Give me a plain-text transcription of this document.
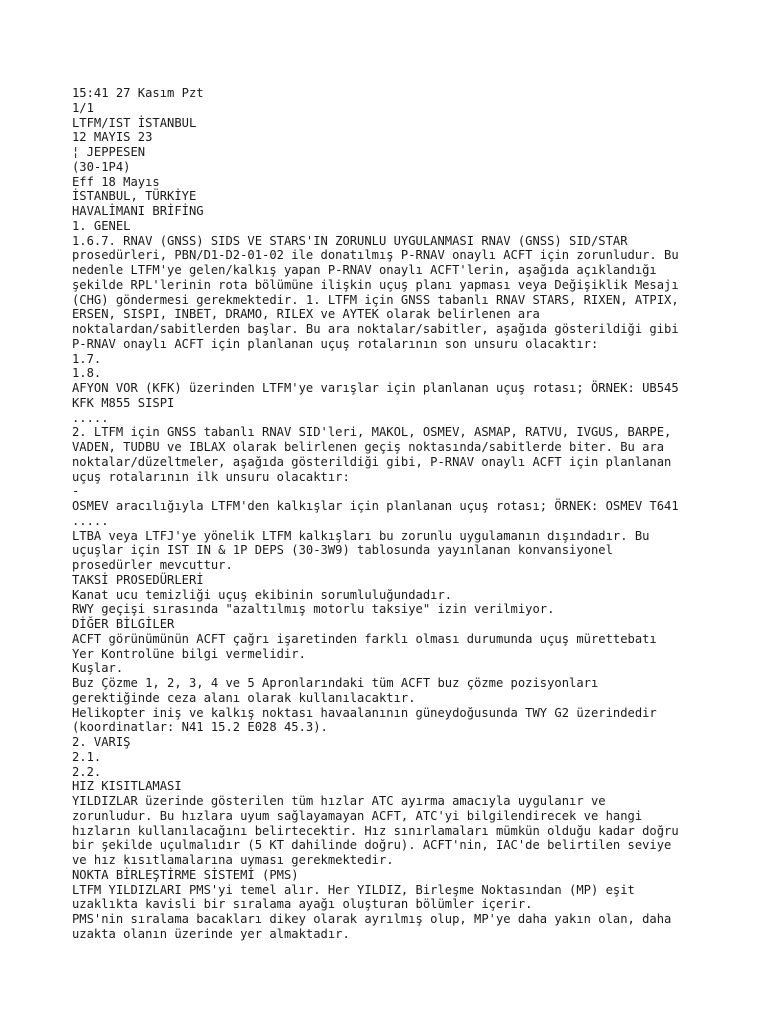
15:41 27 Kasım Pzt
1/1
LTFM/IST İSTANBUL
12 MAYIS 23
¦ JEPPESEN
(30-1P4)
Eff 18 Mayıs
İSTANBUL, TÜRKİYE
HAVALİMANI BRİFİNG
1. GENEL
1.6.7. RNAV (GNSS) SIDS VE STARS'IN ZORUNLU UYGULANMASI RNAV (GNSS) SID/STAR
prosedürleri, PBN/D1-D2-01-02 ile donatılmış P-RNAV onaylı ACFT için zorunludur. Bu
nedenle LTFM'ye gelen/kalkış yapan P-RNAV onaylı ACFT'lerin, aşağıda açıklandığı
şekilde RPL'lerinin rota bölümüne ilişkin uçuş planı yapması veya Değişiklik Mesajı
(CHG) göndermesi gerekmektedir. 1. LTFM için GNSS tabanlı RNAV STARS, RIXEN, ATPIX,
ERSEN, SISPI, INBET, DRAMO, RILEX ve AYTEK olarak belirlenen ara
noktalardan/sabitlerden başlar. Bu ara noktalar/sabitler, aşağıda gösterildiği gibi
P-RNAV onaylı ACFT için planlanan uçuş rotalarının son unsuru olacaktır:
1.7.
1.8.
AFYON VOR (KFK) üzerinden LTFM'ye varışlar için planlanan uçuş rotası; ÖRNEK: UB545
KFK M855 SISPI
.....
2. LTFM için GNSS tabanlı RNAV SID'leri, MAKOL, OSMEV, ASMAP, RATVU, IVGUS, BARPE,
VADEN, TUDBU ve IBLAX olarak belirlenen geçiş noktasında/sabitlerde biter. Bu ara
noktalar/düzeltmeler, aşağıda gösterildiği gibi, P-RNAV onaylı ACFT için planlanan
uçuş rotalarının ilk unsuru olacaktır:
-
OSMEV aracılığıyla LTFM'den kalkışlar için planlanan uçuş rotası; ÖRNEK: OSMEV T641
.....
LTBA veya LTFJ'ye yönelik LTFM kalkışları bu zorunlu uygulamanın dışındadır. Bu
uçuşlar için IST IN & 1P DEPS (30-3W9) tablosunda yayınlanan konvansiyonel
prosedürler mevcuttur.
TAKSİ PROSEDÜRLERİ
Kanat ucu temizliği uçuş ekibinin sorumluluğundadır.
RWY geçişi sırasında "azaltılmış motorlu taksiye" izin verilmiyor.
DİĞER BİLGİLER
ACFT görünümünün ACFT çağrı işaretinden farklı olması durumunda uçuş mürettebatı
Yer Kontrolüne bilgi vermelidir.
Kuşlar.
Buz Çözme 1, 2, 3, 4 ve 5 Apronlarındaki tüm ACFT buz çözme pozisyonları
gerektiğinde ceza alanı olarak kullanılacaktır.
Helikopter iniş ve kalkış noktası havaalanının güneydoğusunda TWY G2 üzerindedir
(koordinatlar: N41 15.2 E028 45.3).
2. VARIŞ
2.1.
2.2.
HIZ KISITLAMASI
YILDIZLAR üzerinde gösterilen tüm hızlar ATC ayırma amacıyla uygulanır ve
zorunludur. Bu hızlara uyum sağlayamayan ACFT, ATC'yi bilgilendirecek ve hangi
hızların kullanılacağını belirtecektir. Hız sınırlamaları mümkün olduğu kadar doğru
bir şekilde uçulmalıdır (5 KT dahilinde doğru). ACFT'nin, IAC'de belirtilen seviye
ve hız kısıtlamalarına uyması gerekmektedir.
NOKTA BİRLEŞTİRME SİSTEMİ (PMS)
LTFM YILDIZLARI PMS'yi temel alır. Her YILDIZ, Birleşme Noktasından (MP) eşit
uzaklıkta kavisli bir sıralama ayağı oluşturan bölümler içerir.
PMS'nin sıralama bacakları dikey olarak ayrılmış olup, MP'ye daha yakın olan, daha
uzakta olanın üzerinde yer almaktadır.
